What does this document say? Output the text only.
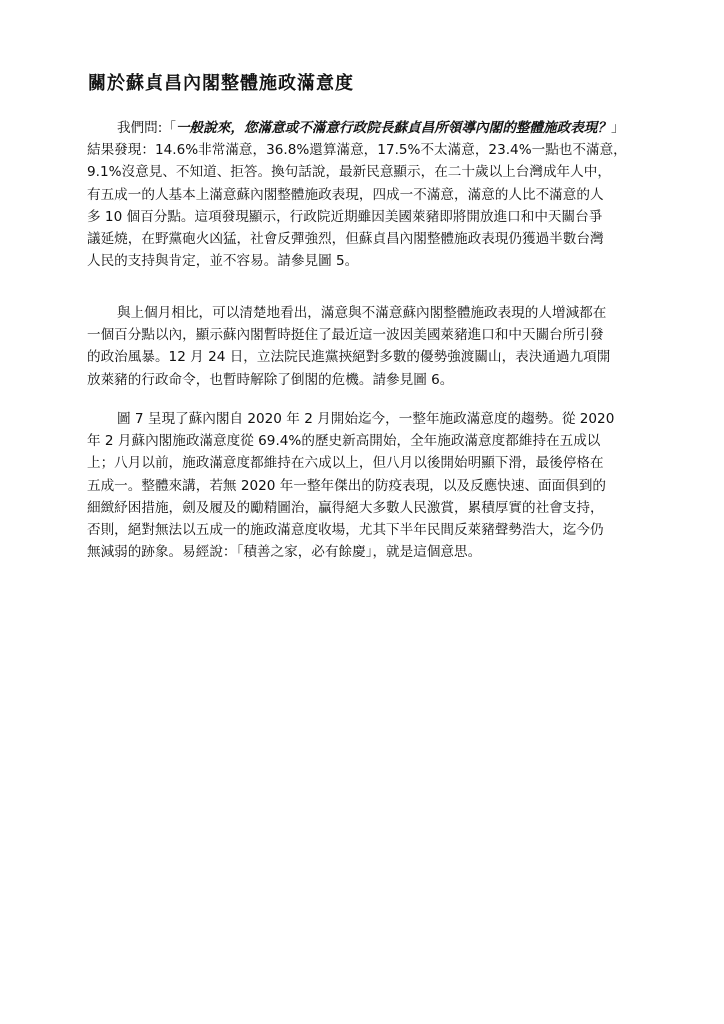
關於蘇貞昌內閣整體施政滿意度
我們問:「一般說來，您滿意或不滿意行政院長蘇貞昌所領導內閣的整體施政表現？」
結果發現：14.6%非常滿意，36.8%還算滿意，17.5%不太滿意，23.4%一點也不滿意，
9.1%沒意見、不知道、拒答。換句話說，最新民意顯示，在二十歲以上台灣成年人中，
有五成一的人基本上滿意蘇內閣整體施政表現，四成一不滿意，滿意的人比不滿意的人
多 10 個百分點。這項發現顯示，行政院近期雖因美國萊豬即將開放進口和中天關台爭
議延燒，在野黨砲火凶猛，社會反彈強烈，但蘇貞昌內閣整體施政表現仍獲過半數台灣
人民的支持與肯定，並不容易。請參見圖 5。
與上個月相比，可以清楚地看出，滿意與不滿意蘇內閣整體施政表現的人增減都在
一個百分點以內，顯示蘇內閣暫時挺住了最近這一波因美國萊豬進口和中天關台所引發
的政治風暴。12 月 24 日，立法院民進黨挾絕對多數的優勢強渡關山，表決通過九項開
放萊豬的行政命令，也暫時解除了倒閣的危機。請參見圖 6。
圖 7 呈現了蘇內閣自 2020 年 2 月開始迄今，一整年施政滿意度的趨勢。從 2020
年 2 月蘇內閣施政滿意度從 69.4%的歷史新高開始，全年施政滿意度都維持在五成以
上；八月以前，施政滿意度都維持在六成以上，但八月以後開始明顯下滑，最後停格在
五成一。整體來講，若無 2020 年一整年傑出的防疫表現，以及反應快速、面面俱到的
細緻紓困措施，劍及履及的勵精圖治，贏得絕大多數人民激賞，累積厚實的社會支持，
否則，絕對無法以五成一的施政滿意度收場，尤其下半年民間反萊豬聲勢浩大，迄今仍
無減弱的跡象。易經說：「積善之家，必有餘慶」，就是這個意思。
